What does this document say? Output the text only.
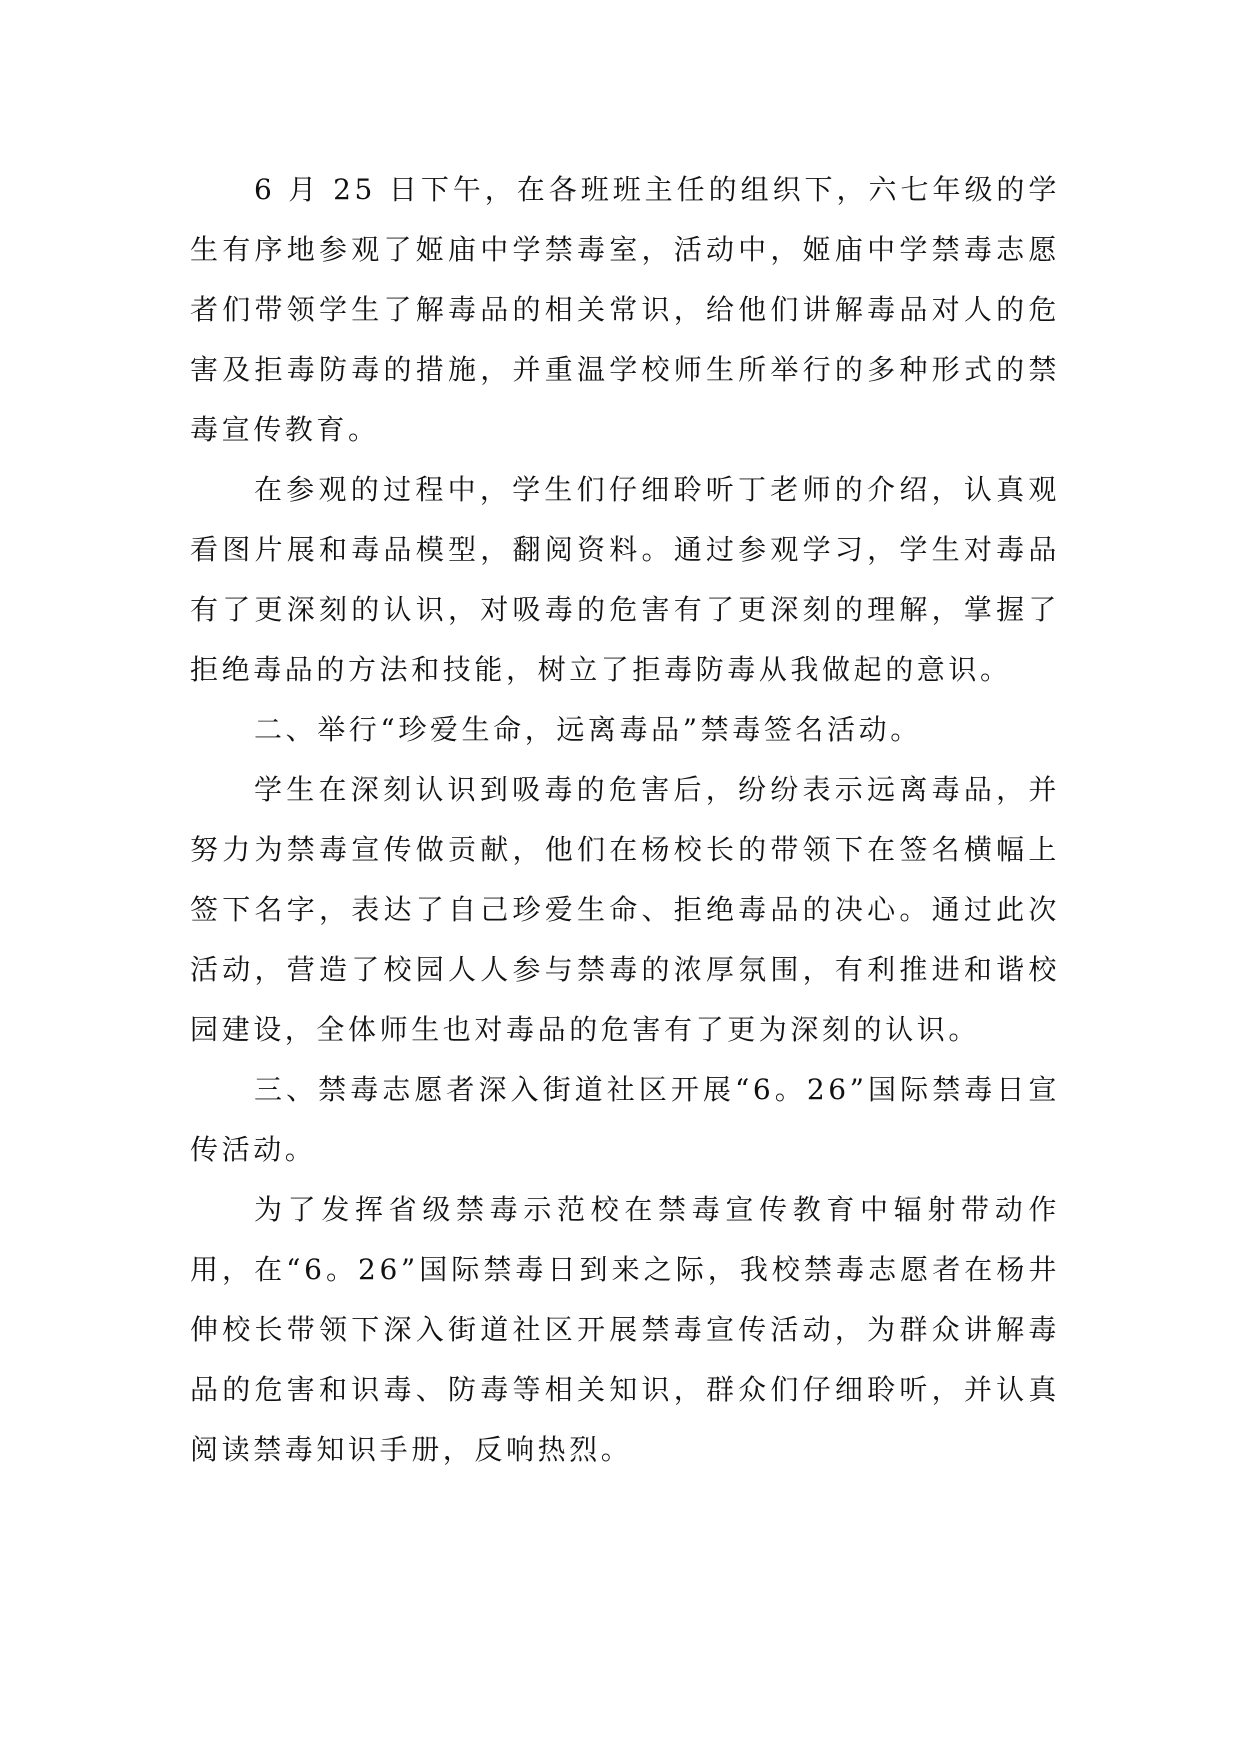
6 月 25 日下午，在各班班主任的组织下，六七年级的学生有序地参观了姬庙中学禁毒室，活动中，姬庙中学禁毒志愿者们带领学生了解毒品的相关常识，给他们讲解毒品对人的危害及拒毒防毒的措施，并重温学校师生所举行的多种形式的禁毒宣传教育。

在参观的过程中，学生们仔细聆听丁老师的介绍，认真观看图片展和毒品模型，翻阅资料。通过参观学习，学生对毒品有了更深刻的认识，对吸毒的危害有了更深刻的理解，掌握了拒绝毒品的方法和技能，树立了拒毒防毒从我做起的意识。

二、举行“珍爱生命，远离毒品”禁毒签名活动。

学生在深刻认识到吸毒的危害后，纷纷表示远离毒品，并努力为禁毒宣传做贡献，他们在杨校长的带领下在签名横幅上签下名字，表达了自己珍爱生命、拒绝毒品的决心。通过此次活动，营造了校园人人参与禁毒的浓厚氛围，有利推进和谐校园建设，全体师生也对毒品的危害有了更为深刻的认识。

三、禁毒志愿者深入街道社区开展“6。26”国际禁毒日宣传活动。

为了发挥省级禁毒示范校在禁毒宣传教育中辐射带动作用，在“6。26”国际禁毒日到来之际，我校禁毒志愿者在杨井伸校长带领下深入街道社区开展禁毒宣传活动，为群众讲解毒品的危害和识毒、防毒等相关知识，群众们仔细聆听，并认真阅读禁毒知识手册，反响热烈。
